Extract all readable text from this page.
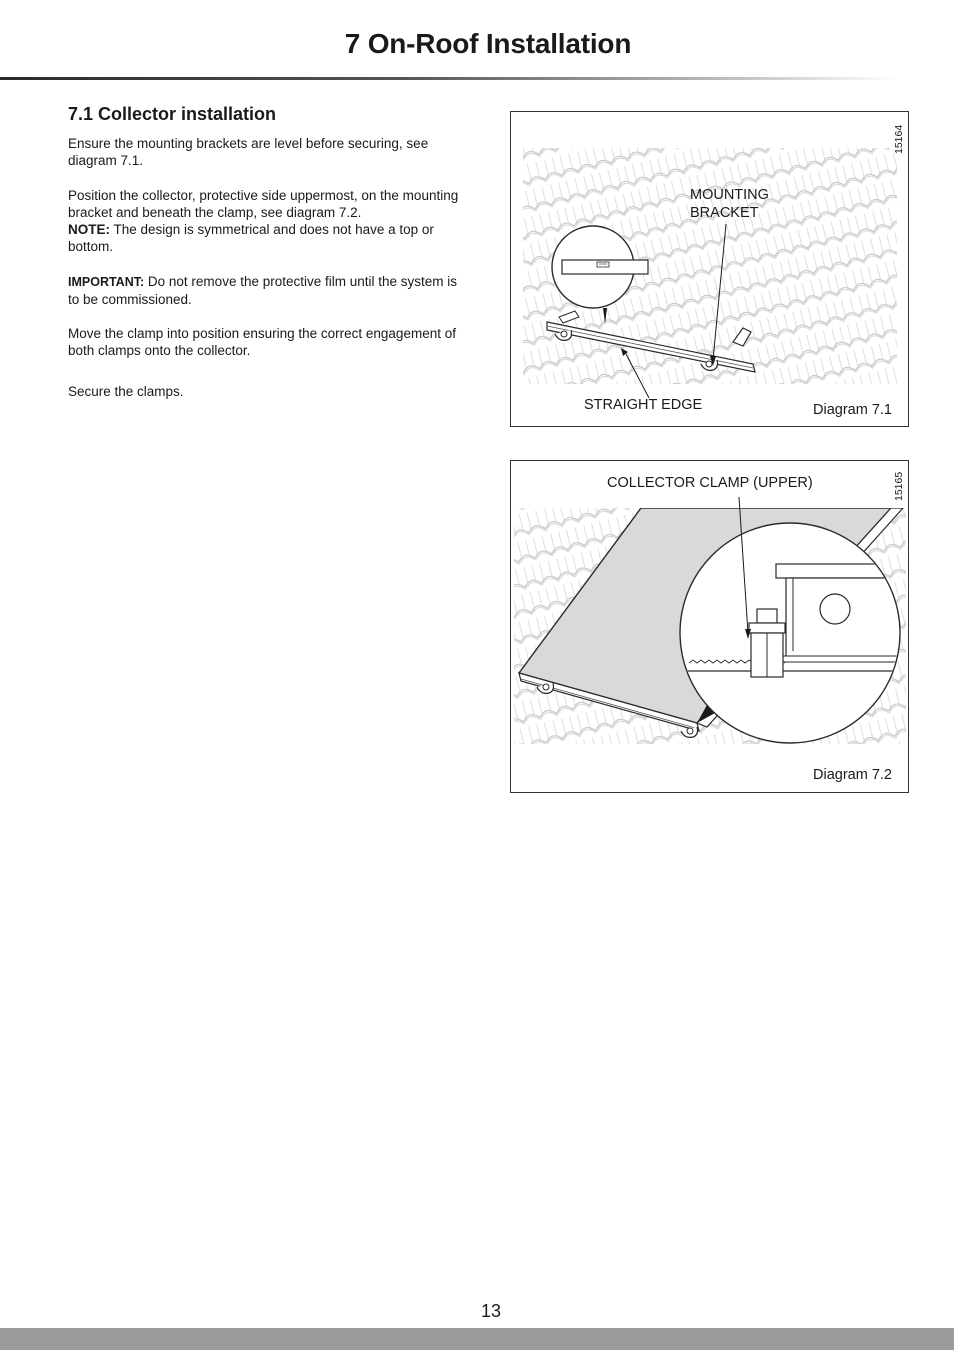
7 On-Roof Installation
7.1 Collector installation
Ensure the mounting brackets are level before securing, see diagram 7.1.
Position the collector, protective side uppermost, on the mounting bracket and beneath the clamp, see diagram 7.2.
NOTE: The design is symmetrical and does not have a top or bottom.
IMPORTANT: Do not remove the protective film until the system is to be commissioned.
Move the clamp into position ensuring the correct engagement of both clamps onto the collector.
Secure the clamps.
15164
MOUNTING
BRACKET
STRAIGHT EDGE	Diagram 7.1
15165
COLLECTOR CLAMP (UPPER)
Diagram 7.2
13
